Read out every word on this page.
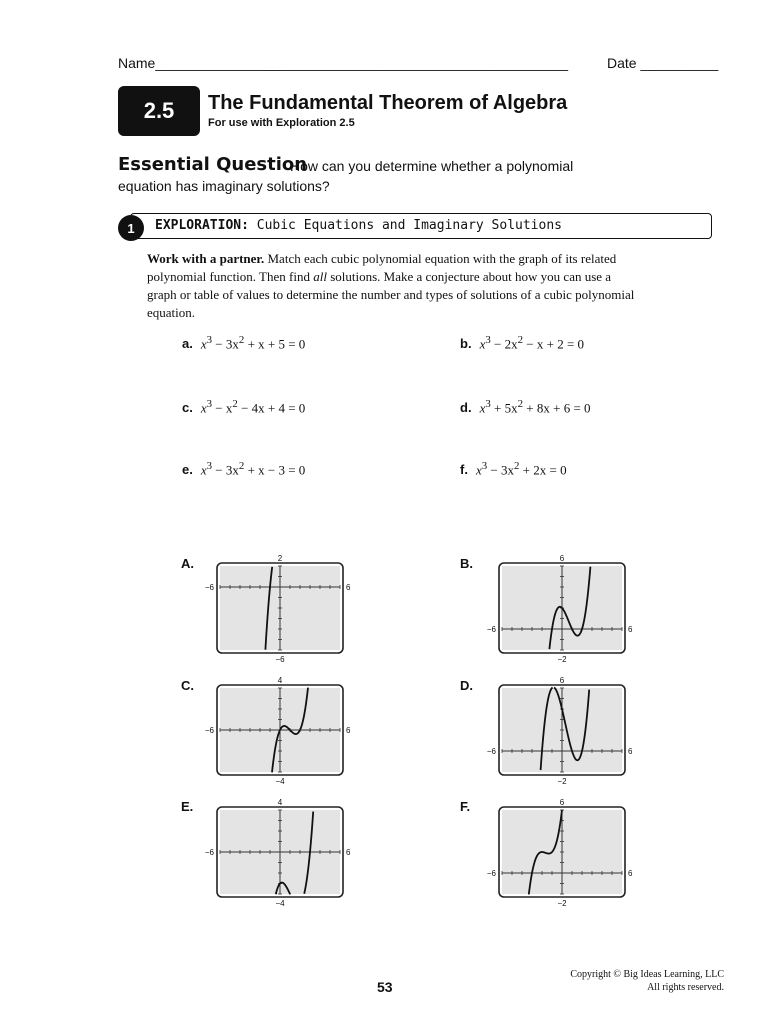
Name_____________________________________________________	Date __________
2.5 The Fundamental Theorem of Algebra
For use with Exploration 2.5
Essential Question
How can you determine whether a polynomial
equation has imaginary solutions?
1	EXPLORATION: Cubic Equations and Imaginary Solutions
Work with a partner. Match each cubic polynomial equation with the graph of its related polynomial function. Then find all solutions. Make a conjecture about how you can use a graph or table of values to determine the number and types of solutions of a cubic polynomial equation.
a. $x^3 - 3x^2 + x + 5 = 0$	b. $x^3 - 2x^2 - x + 2 = 0$
c. $x^3 - x^2 - 4x + 4 = 0$	d. $x^3 + 5x^2 + 8x + 6 = 0$
e. $x^3 - 3x^2 + x - 3 = 0$	f. $x^3 - 3x^2 + 2x = 0$
A.	B.
C.	D.
E.	F.
2
−6
−6	6
6
−2
−6	6
4
−4
−6	6
6
−2
−6	6
4
−4
−6	6
6
−2
−6	6
53
Copyright © Big Ideas Learning, LLC
All rights reserved.
